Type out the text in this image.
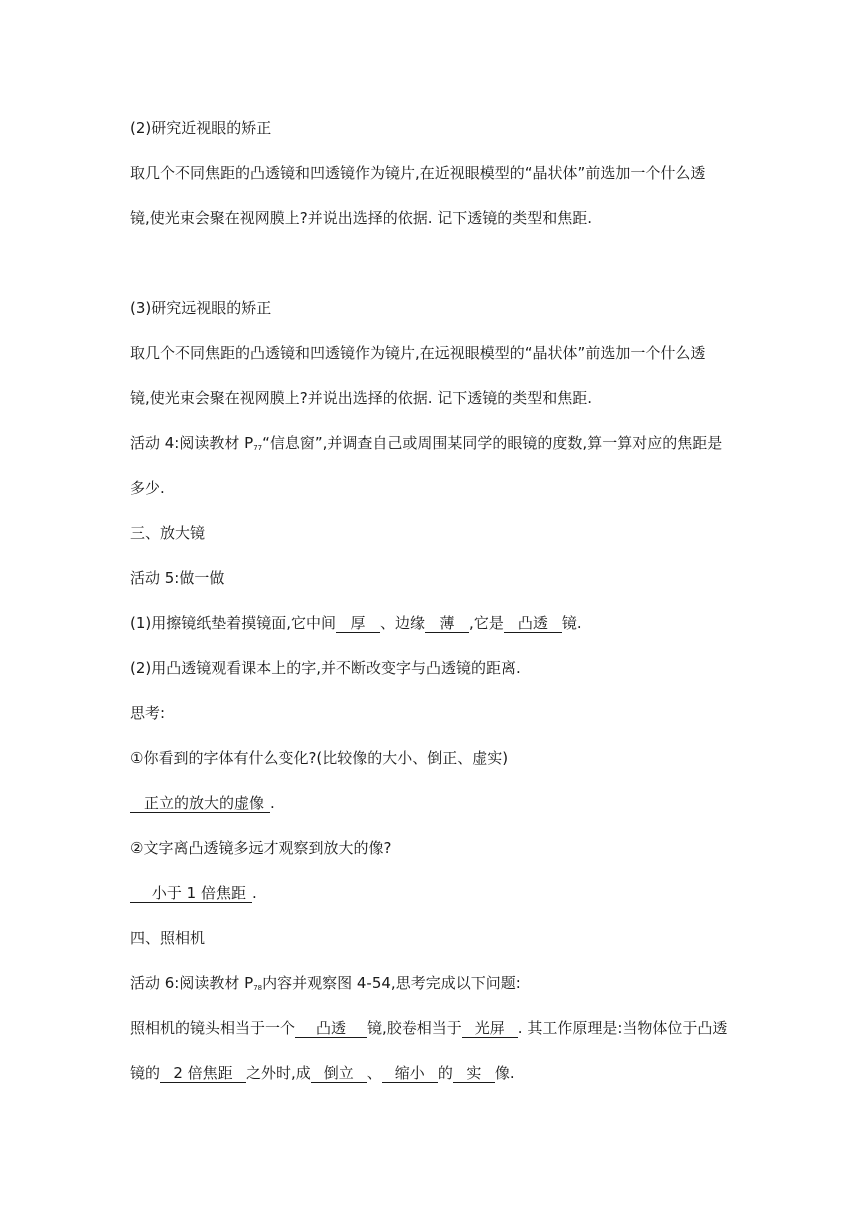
(2)研究近视眼的矫正
取几个不同焦距的凸透镜和凹透镜作为镜片,在近视眼模型的“晶状体”前选加一个什么透
镜,使光束会聚在视网膜上?并说出选择的依据. 记下透镜的类型和焦距.
(3)研究远视眼的矫正
取几个不同焦距的凸透镜和凹透镜作为镜片,在远视眼模型的“晶状体”前选加一个什么透
镜,使光束会聚在视网膜上?并说出选择的依据. 记下透镜的类型和焦距.
活动 4:阅读教材 $P_{77}“$信息窗”,并调查自己或周围某同学的眼镜的度数,算一算对应的焦距是
多少.
三、放大镜
活动 5:做一做
(1)用擦镜纸垫着摸镜面,它中间 厚 、边缘 薄 ,它是 凸透 镜.
(2)用凸透镜观看课本上的字,并不断改变字与凸透镜的距离.
思考:
①你看到的字体有什么变化?(比较像的大小、倒正、虚实)
正立的放大的虚像 .
②文字离凸透镜多远才观察到放大的像?
小于 1 倍焦距 .
四、照相机
活动 6:阅读教材 $P_{78}$内容并观察图 4-54,思考完成以下问题:
照相机的镜头相当于一个 凸透 镜,胶卷相当于 光屏 . 其工作原理是:当物体位于凸透
镜的 2 倍焦距 之外时,成 倒立 、 缩小 的 实 像.
